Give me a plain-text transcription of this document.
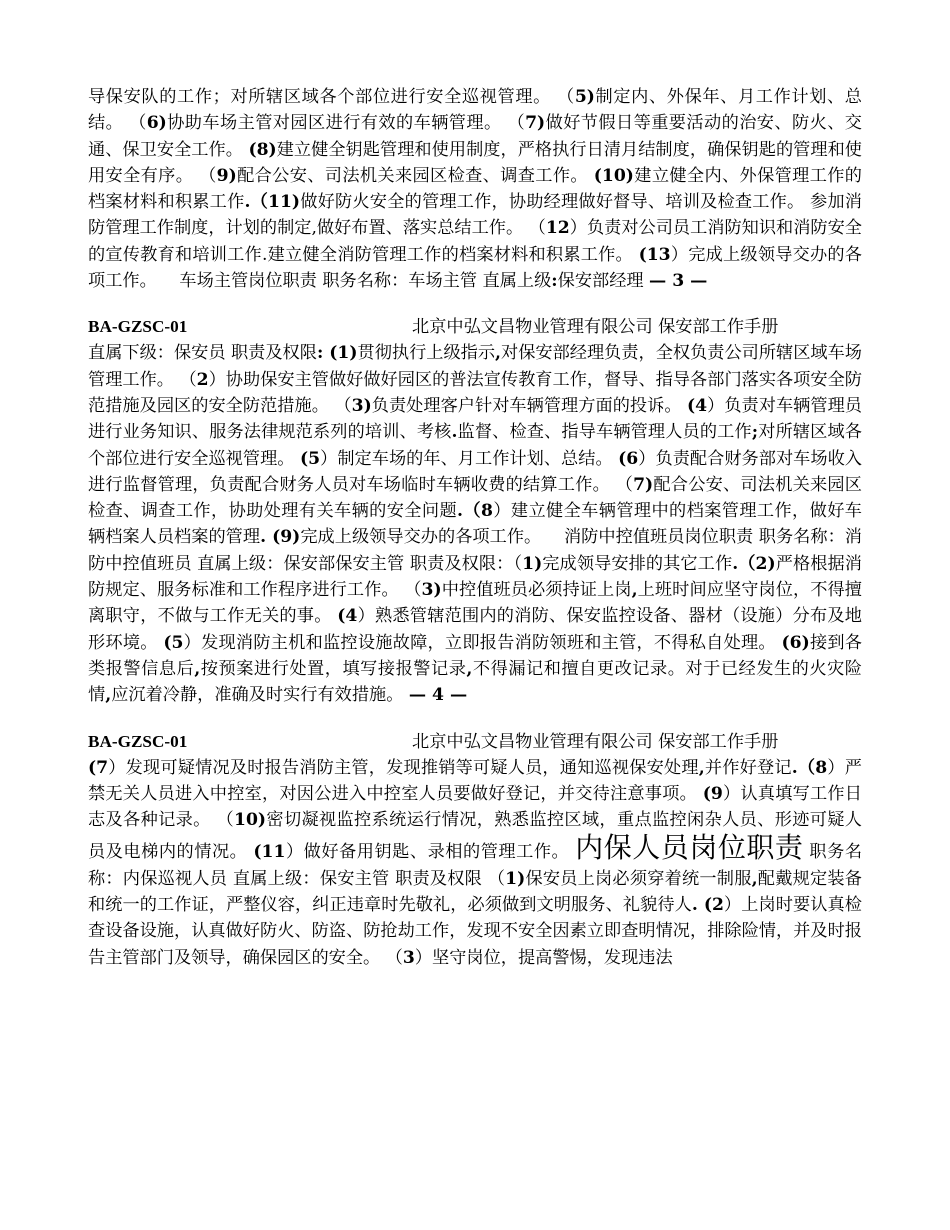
导保安队的工作；对所辖区域各个部位进行安全巡视管理。 （5)制定内、外保年、月工作计划、总结。 （6)协助车场主管对园区进行有效的车辆管理。 （7)做好节假日等重要活动的治安、防火、交通、保卫安全工作。 (8)建立健全钥匙管理和使用制度，严格执行日清月结制度，确保钥匙的管理和使用安全有序。 （9)配合公安、司法机关来园区检查、调查工作。 (10)建立健全内、外保管理工作的档案材料和积累工作.（11)做好防火安全的管理工作，协助经理做好督导、培训及检查工作。 参加消防管理工作制度，计划的制定,做好布置、落实总结工作。 （12）负责对公司员工消防知识和消防安全的宣传教育和培训工作.建立健全消防管理工作的档案材料和积累工作。 (13）完成上级领导交办的各项工作。 　车场主管岗位职责 职务名称：车场主管 直属上级:保安部经理 — 3 —

BA-GZSC-01	北京中弘文昌物业管理有限公司 保安部工作手册

直属下级：保安员 职责及权限: (1)贯彻执行上级指示,对保安部经理负责，全权负责公司所辖区域车场管理工作。 （2）协助保安主管做好做好园区的普法宣传教育工作，督导、指导各部门落实各项安全防范措施及园区的安全防范措施。 （3)负责处理客户针对车辆管理方面的投诉。 (4）负责对车辆管理员进行业务知识、服务法律规范系列的培训、考核.监督、检查、指导车辆管理人员的工作;对所辖区域各个部位进行安全巡视管理。 (5）制定车场的年、月工作计划、总结。 (6）负责配合财务部对车场收入进行监督管理，负责配合财务人员对车场临时车辆收费的结算工作。 （7)配合公安、司法机关来园区检查、调查工作，协助处理有关车辆的安全问题.（8）建立健全车辆管理中的档案管理工作，做好车辆档案人员档案的管理. (9)完成上级领导交办的各项工作。 　消防中控值班员岗位职责 职务名称：消防中控值班员 直属上级：保安部保安主管 职责及权限：（1)完成领导安排的其它工作.（2)严格根据消防规定、服务标准和工作程序进行工作。 （3)中控值班员必须持证上岗,上班时间应坚守岗位，不得擅离职守，不做与工作无关的事。 (4）熟悉管辖范围内的消防、保安监控设备、器材（设施）分布及地形环境。 (5）发现消防主机和监控设施故障，立即报告消防领班和主管，不得私自处理。 (6)接到各类报警信息后,按预案进行处置，填写接报警记录,不得漏记和擅自更改记录。对于已经发生的火灾险情,应沉着冷静，准确及时实行有效措施。 — 4 —

BA-GZSC-01	北京中弘文昌物业管理有限公司 保安部工作手册

(7）发现可疑情况及时报告消防主管，发现推销等可疑人员，通知巡视保安处理,并作好登记.（8）严禁无关人员进入中控室，对因公进入中控室人员要做好登记，并交待注意事项。 (9）认真填写工作日志及各种记录。 （10)密切凝视监控系统运行情况，熟悉监控区域，重点监控闲杂人员、形迹可疑人员及电梯内的情况。 (11）做好备用钥匙、录相的管理工作。 内保人员岗位职责 职务名称：内保巡视人员 直属上级：保安主管 职责及权限 （1)保安员上岗必须穿着统一制服,配戴规定装备和统一的工作证，严整仪容，纠正违章时先敬礼，必须做到文明服务、礼貌待人. (2）上岗时要认真检查设备设施，认真做好防火、防盗、防抢劫工作，发现不安全因素立即查明情况，排除险情，并及时报告主管部门及领导，确保园区的安全。 （3）坚守岗位，提高警惕，发现违法
